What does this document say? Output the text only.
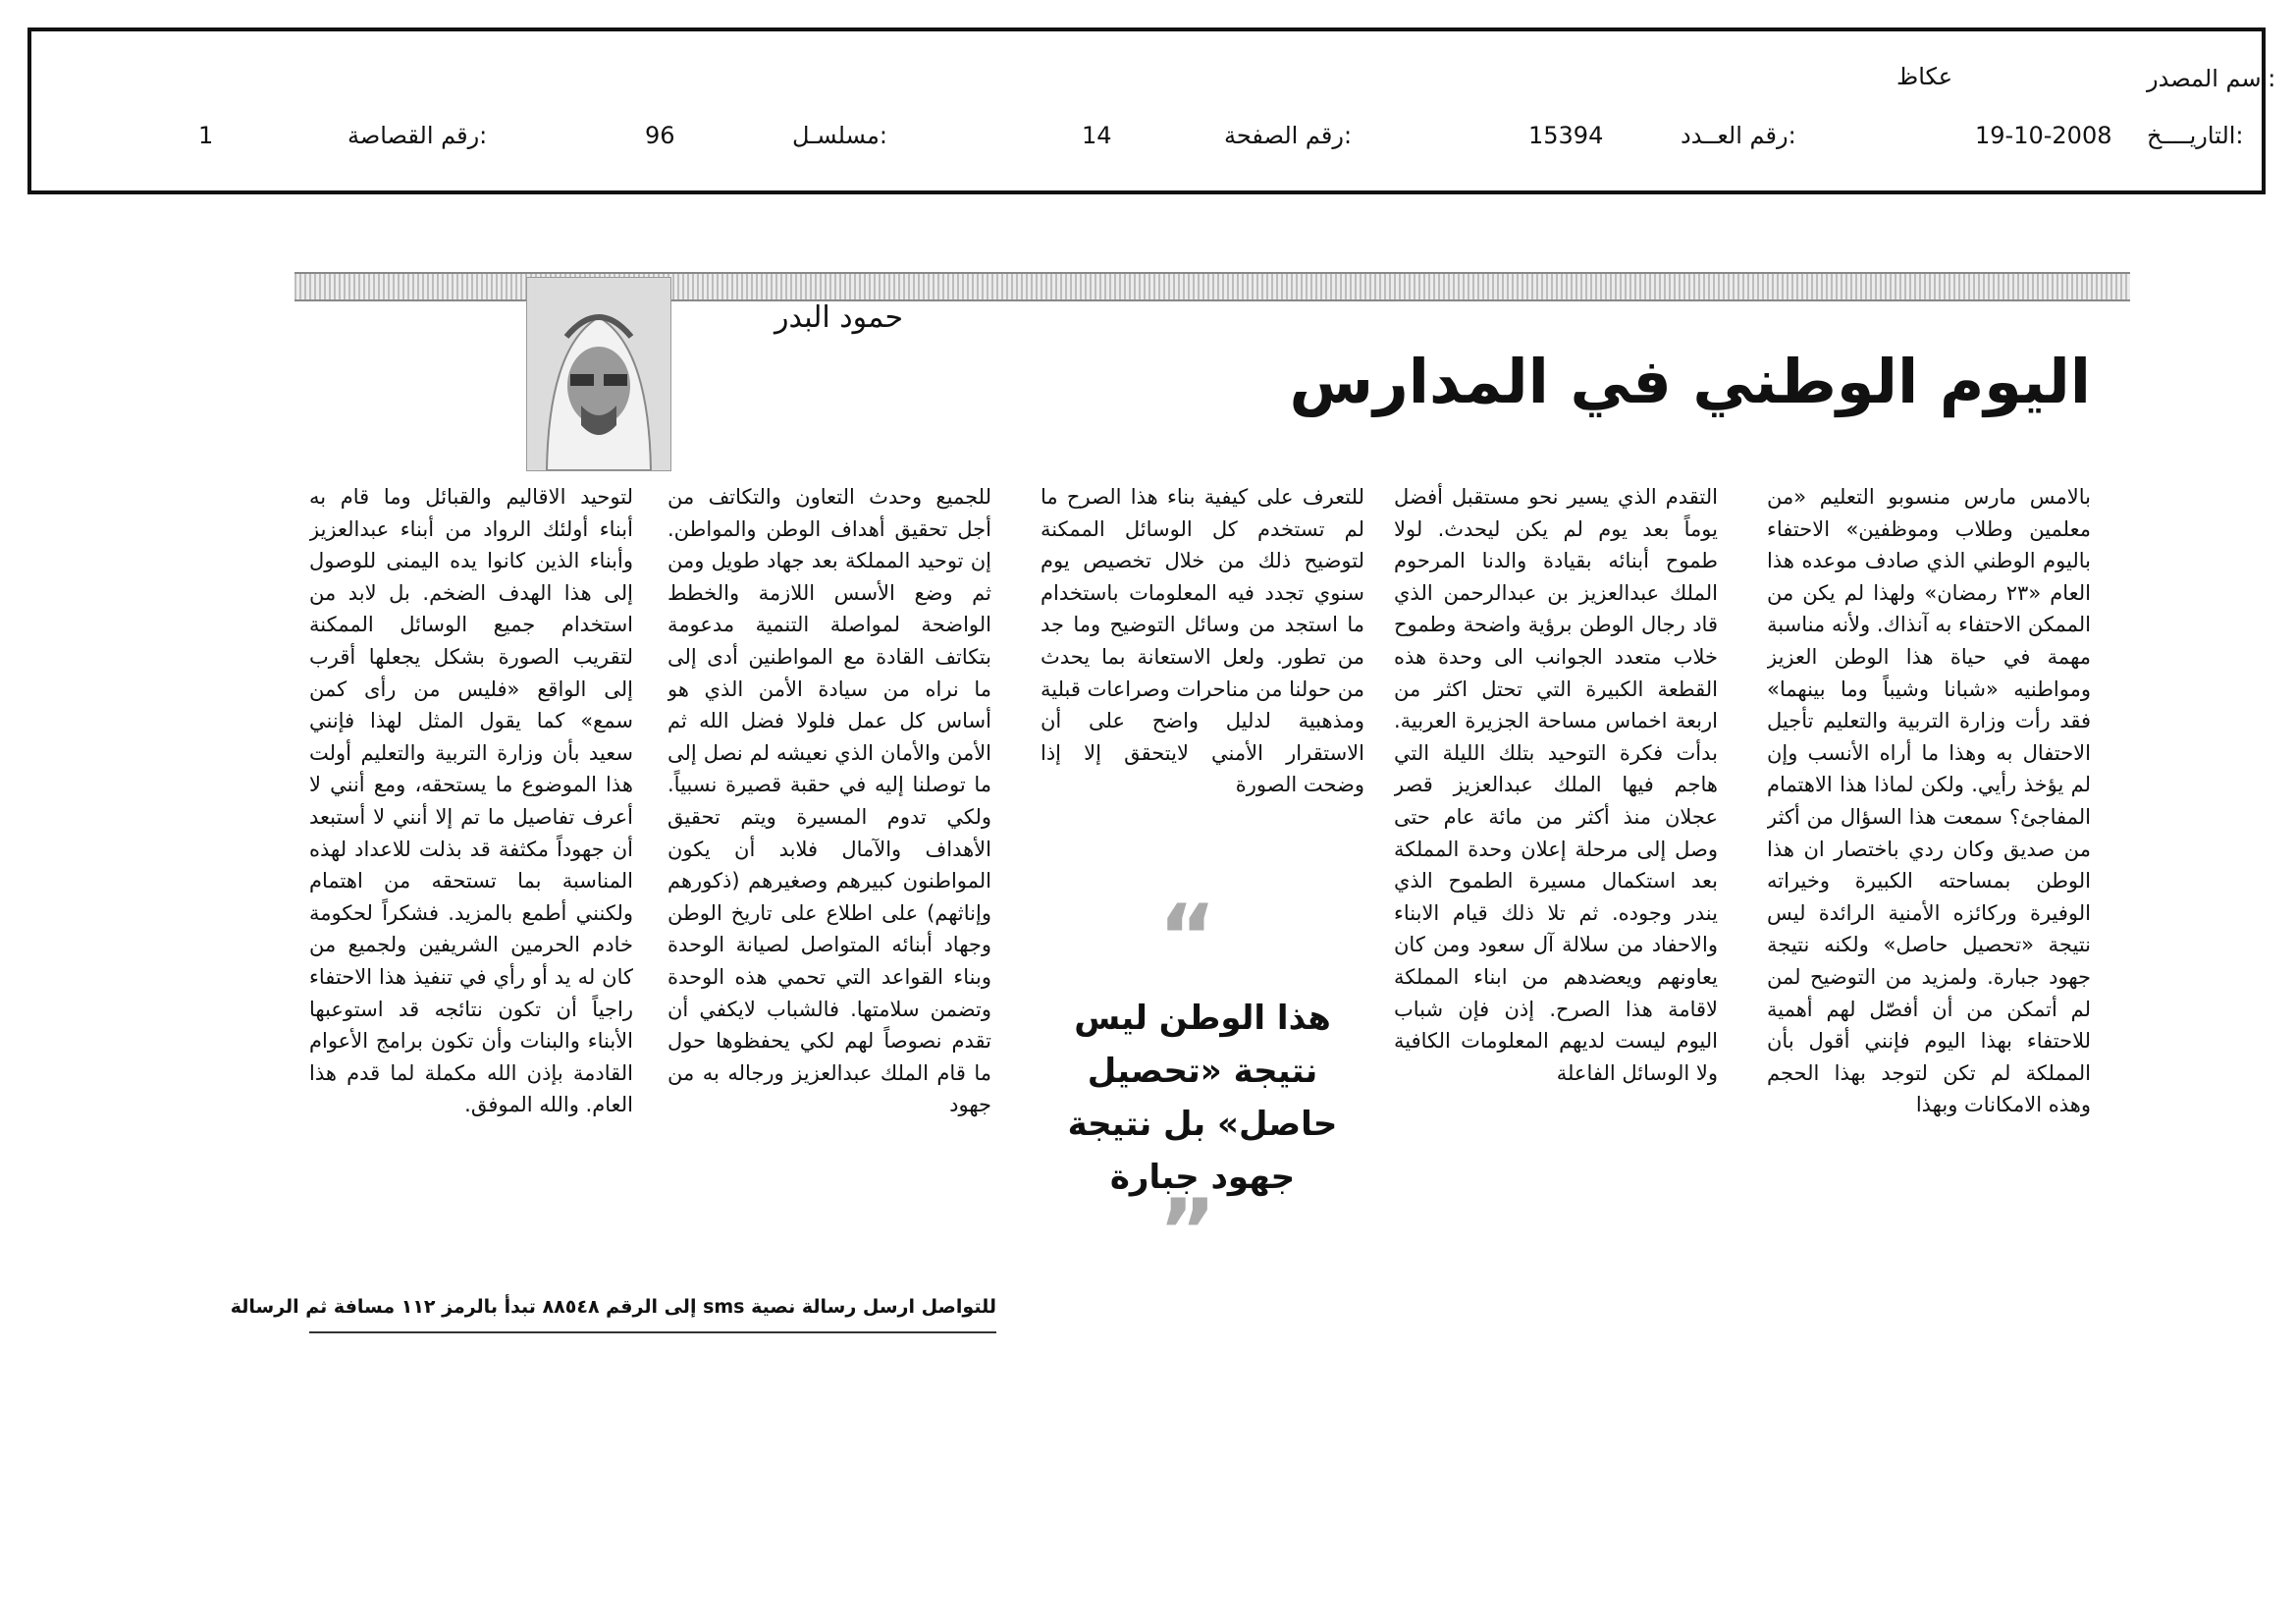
اسم المصدر:
عكاظ
التاريــــخ:
19-10-2008
رقم العــدد:
15394
رقم الصفحة:
14
مسلسـل:
96
رقم القصاصة:
1
حمود البدر
اليوم الوطني في المدارس

بالامس مارس منسوبو التعليم «من معلمين وطلاب وموظفين» الاحتفاء باليوم الوطني الذي صادف موعده هذا العام «٢٣ رمضان» ولهذا لم يكن من الممكن الاحتفاء به آنذاك. ولأنه مناسبة مهمة في حياة هذا الوطن العزيز ومواطنيه «شبانا وشيباً وما بينهما» فقد رأت وزارة التربية والتعليم تأجيل الاحتفال به وهذا ما أراه الأنسب وإن لم يؤخذ رأيي. ولكن لماذا هذا الاهتمام المفاجئ؟ سمعت هذا السؤال من أكثر من صديق وكان ردي باختصار ان هذا الوطن بمساحته الكبيرة وخيراته الوفيرة وركائزه الأمنية الرائدة ليس نتيجة «تحصيل حاصل» ولكنه نتيجة جهود جبارة. ولمزيد من التوضيح لمن لم أتمكن من أن أفصّل لهم أهمية للاحتفاء بهذا اليوم فإنني أقول بأن المملكة لم تكن لتوجد بهذا الحجم وهذه الامكانات وبهذا

التقدم الذي يسير نحو مستقبل أفضل يوماً بعد يوم لم يكن ليحدث. لولا طموح أبنائه بقيادة والدنا المرحوم الملك عبدالعزيز بن عبدالرحمن الذي قاد رجال الوطن برؤية واضحة وطموح خلاب متعدد الجوانب الى وحدة هذه القطعة الكبيرة التي تحتل اكثر من اربعة اخماس مساحة الجزيرة العربية. بدأت فكرة التوحيد بتلك الليلة التي هاجم فيها الملك عبدالعزيز قصر عجلان منذ أكثر من مائة عام حتى وصل إلى مرحلة إعلان وحدة المملكة بعد استكمال مسيرة الطموح الذي يندر وجوده. ثم تلا ذلك قيام الابناء والاحفاد من سلالة آل سعود ومن كان يعاونهم ويعضدهم من ابناء المملكة لاقامة هذا الصرح. إذن فإن شباب اليوم ليست لديهم المعلومات الكافية ولا الوسائل الفاعلة

للتعرف على كيفية بناء هذا الصرح ما لم تستخدم كل الوسائل الممكنة لتوضيح ذلك من خلال تخصيص يوم سنوي تجدد فيه المعلومات باستخدام ما استجد من وسائل التوضيح وما جد من تطور. ولعل الاستعانة بما يحدث من حولنا من مناحرات وصراعات قبلية ومذهبية لدليل واضح على أن الاستقرار الأمني لايتحقق إلا إذا وضحت الصورة

للجميع وحدث التعاون والتكاتف من أجل تحقيق أهداف الوطن والمواطن. إن توحيد المملكة بعد جهاد طويل ومن ثم وضع الأسس اللازمة والخطط الواضحة لمواصلة التنمية مدعومة بتكاتف القادة مع المواطنين أدى إلى ما نراه من سيادة الأمن الذي هو أساس كل عمل فلولا فضل الله ثم الأمن والأمان الذي نعيشه لم نصل إلى ما توصلنا إليه في حقبة قصيرة نسبياً. ولكي تدوم المسيرة ويتم تحقيق الأهداف والآمال فلابد أن يكون المواطنون كبيرهم وصغيرهم (ذكورهم وإناثهم) على اطلاع على تاريخ الوطن وجهاد أبنائه المتواصل لصيانة الوحدة وبناء القواعد التي تحمي هذه الوحدة وتضمن سلامتها. فالشباب لايكفي أن تقدم نصوصاً لهم لكي يحفظوها حول ما قام الملك عبدالعزيز ورجاله به من جهود

لتوحيد الاقاليم والقبائل وما قام به أبناء أولئك الرواد من أبناء عبدالعزيز وأبناء الذين كانوا يده اليمنى للوصول إلى هذا الهدف الضخم. بل لابد من استخدام جميع الوسائل الممكنة لتقريب الصورة بشكل يجعلها أقرب إلى الواقع «فليس من رأى كمن سمع» كما يقول المثل لهذا فإنني سعيد بأن وزارة التربية والتعليم أولت هذا الموضوع ما يستحقه، ومع أنني لا أعرف تفاصيل ما تم إلا أنني لا أستبعد أن جهوداً مكثفة قد بذلت للاعداد لهذه المناسبة بما تستحقه من اهتمام ولكنني أطمع بالمزيد. فشكراً لحكومة خادم الحرمين الشريفين ولجميع من كان له يد أو رأي في تنفيذ هذا الاحتفاء راجياً أن تكون نتائجه قد استوعبها الأبناء والبنات وأن تكون برامج الأعوام القادمة بإذن الله مكملة لما قدم هذا العام. والله الموفق.

“
هذا الوطن ليس نتيجة «تحصيل حاصل» بل نتيجة جهود جبارة
”
للتواصل ارسل رسالة نصية sms إلى الرقم ٨٨٥٤٨ تبدأ بالرمز ١١٢ مسافة ثم الرسالة
